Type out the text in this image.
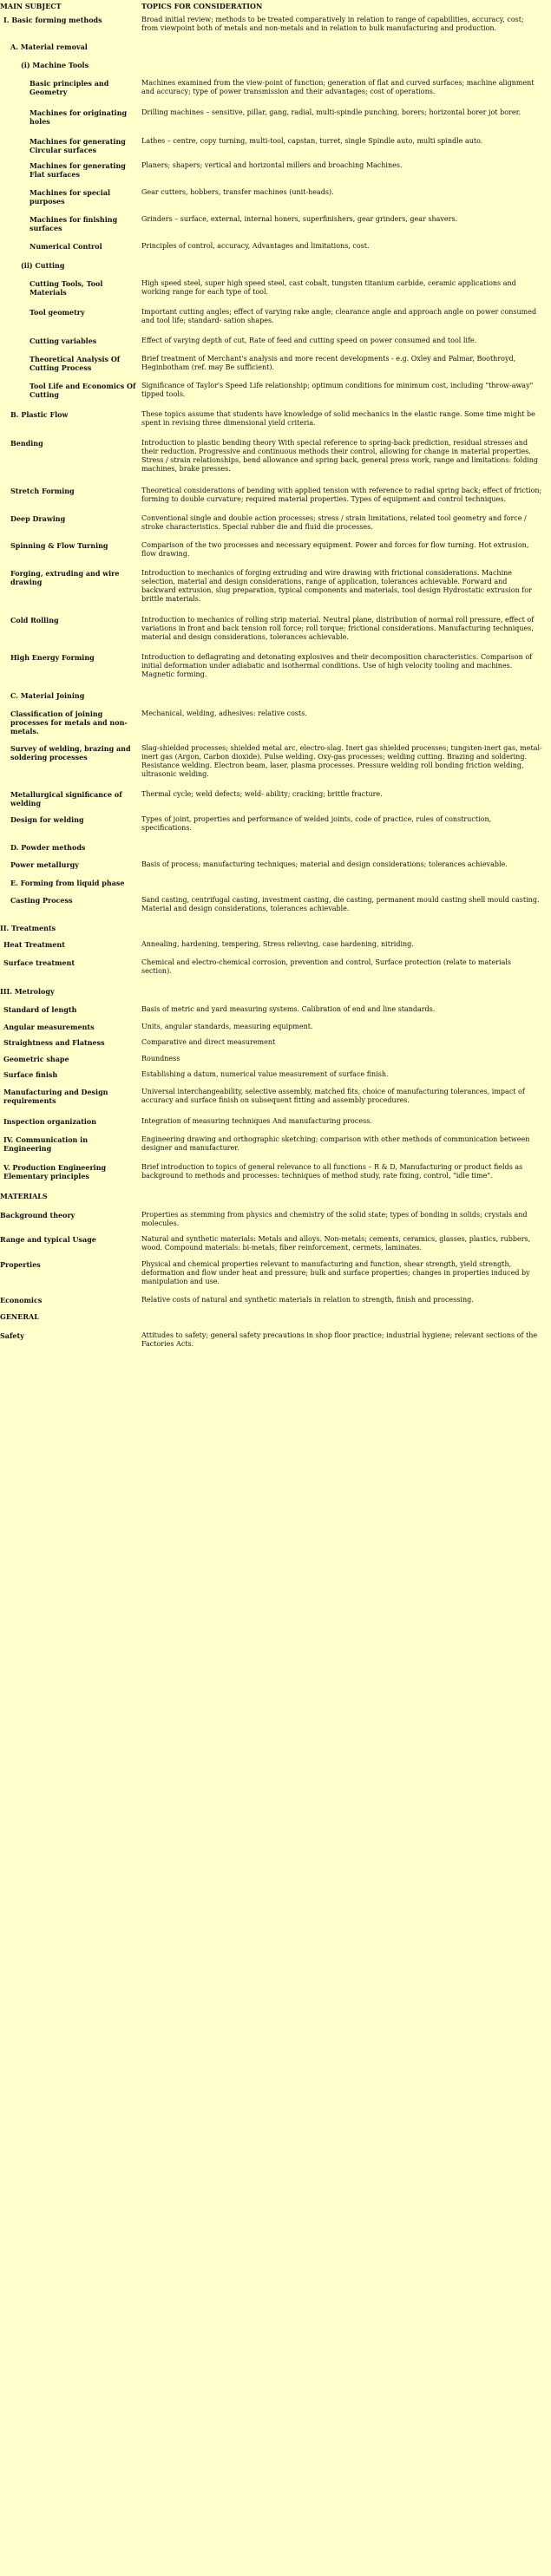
MAIN SUBJECT	TOPICS FOR CONSIDERATION
I. Basic forming methods	Broad initial review; methods to be treated comparatively in relation to range of capabilities, accuracy, cost; from viewpoint both of metals and non-metals and in relation to bulk manufacturing and production.
A. Material removal	
(i) Machine Tools	
Basic principles and Geometry	Machines examined from the view-point of function; generation of flat and curved surfaces; machine alignment and accuracy; type of power transmission and their advantages; cost of operations.
Machines for originating holes	Drilling machines – sensitive, pillar, gang, radial, multi-spindle punching, borers; horizontal borer jot borer.
Machines for generating Circular surfaces	Lathes – centre, copy turning, multi-tool, capstan, turret, single Spindle auto, multi spindle auto.
Machines for generating Flat surfaces	Planers; shapers; vertical and horizontal millers and broaching Machines.
Machines for special purposes	Gear cutters, hobbers, transfer machines (unit-heads).
Machines for finishing surfaces	Grinders – surface, external, internal honers, superfinishers, gear grinders, gear shavers.
Numerical Control	Principles of control, accuracy, Advantages and limitations, cost.
(ii) Cutting	
Cutting Tools, Tool Materials	High speed steel, super high speed steel, cast cobalt, tungsten titanium carbide, ceramic applications and working range for each type of tool.
Tool geometry	Important cutting angles; effect of varying rake angle; clearance angle and approach angle on power consumed and tool life; standard- sation shapes.
Cutting variables	Effect of varying depth of cut, Rate of feed and cutting speed on power consumed and tool life.
Theoretical Analysis Of Cutting Process	Brief treatment of Merchant's analysis and more recent developments - e.g. Oxley and Palmar, Boothroyd, Heginbotham (ref. may Be sufficient).
Tool Life and Economics Of Cutting	Significance of Taylor's Speed Life relationship; optimum conditions for minimum cost, including "throw-away" tipped tools.
B. Plastic Flow	These topics assume that students have knowledge of solid mechanics in the elastic range. Some time might be spent in revising three dimensional yield criteria.
Bending	Introduction to plastic bending theory With special reference to spring-back prediction, residual stresses and their reduction. Progressive and continuous methods their control, allowing for change in material properties. Stress / strain relationships, bend allowance and spring back, general press work, range and limitations: folding machines, brake presses.
Stretch Forming	Theoretical considerations of bending with applied tension with reference to radial spring back; effect of friction; forming to double curvature; required material properties. Types of equipment and control techniques.
Deep Drawing	Conventional single and double action processes; stress / strain limitations, related tool geometry and force / stroke characteristics. Special rubber die and fluid die processes.
Spinning & Flow Turning	Comparison of the two processes and necessary equipment. Power and forces for flow turning. Hot extrusion, flow drawing.
Forging, extruding and wire drawing	Introduction to mechanics of forging extruding and wire drawing with frictional considerations. Machine selection, material and design considerations, range of application, tolerances achievable. Forward and backward extrusion, slug preparation, typical components and materials, tool design Hydrostatic extrusion for brittle materials.
Cold Rolling	Introduction to mechanics of rolling strip material. Neutral plane, distribution of normal roll pressure, effect of variations in front and back tension roll force; roll torque; frictional considerations. Manufacturing techniques, material and design considerations, tolerances achievable.
High Energy Forming	Introduction to deflagrating and detonating explosives and their decomposition characteristics. Comparison of initial deformation under adiabatic and isothermal conditions. Use of high velocity tooling and machines. Magnetic forming.
C. Material Joining	
Classification of joining processes for metals and non-metals.	Mechanical, welding, adhesives: relative costs.
Survey of welding, brazing and soldering processes	Slag-shielded processes; shielded metal arc, electro-slag. Inert gas shielded processes; tungsten-inert gas, metal-inert gas (Argon, Carbon dioxide). Pulse welding. Oxy-gas processes; welding cutting. Brazing and soldering. Resistance welding. Electron beam, laser, plasma processes. Pressure welding roll bonding friction welding, ultrasonic welding.
Metallurgical significance of welding	Thermal cycle; weld defects; weld- ability; cracking; brittle fracture.
Design for welding	Types of joint, properties and performance of welded joints, code of practice, rules of construction, specifications.
D. Powder methods	
Power metallurgy	Basis of process; manufacturing techniques; material and design considerations; tolerances achievable.
E. Forming from liquid phase	
Casting Process	Sand casting, centrifugal casting, investment casting, die casting, permanent mould casting shell mould casting. Material and design considerations, tolerances achievable.
II. Treatments	
Heat Treatment	Annealing, hardening, tempering, Stress relieving, case hardening, nitriding.
Surface treatment	Chemical and electro-chemical corrosion, prevention and control, Surface protection (relate to materials section).
III. Metrology	
Standard of length	Basis of metric and yard measuring systems. Calibration of end and line standards.
Angular measurements	Units, angular standards, measuring equipment.
Straightness and Flatness	Comparative and direct measurement
Geometric shape	Roundness
Surface finish	Establishing a datum, numerical value measurement of surface finish.
Manufacturing and Design requirements	Universal interchangeability, selective assembly, matched fits, choice of manufacturing tolerances, impact of accuracy and surface finish on subsequent fitting and assembly procedures.
Inspection organization	Integration of measuring techniques And manufacturing process.
IV. Communication in Engineering	Engineering drawing and orthographic sketching; comparison with other methods of communication between designer and manufacturer.
V. Production Engineering Elementary principles	Brief introduction to topics of general relevance to all functions – R & D, Manufacturing or product fields as background to methods and processes: techniques of method study, rate fixing, control, "idle time".
MATERIALS	
Background theory	Properties as stemming from physics and chemistry of the solid state; types of bonding in solids; crystals and molecules.
Range and typical Usage	Natural and synthetic materials: Metals and alloys. Non-metals; cements, ceramics, glasses, plastics, rubbers, wood. Compound materials: bi-metals, fiber reinforcement, cermets, laminates.
Properties	Physical and chemical properties relevant to manufacturing and function, shear strength, yield strength, deformation and flow under heat and pressure; bulk and surface properties; changes in properties induced by manipulation and use.
Economics	Relative costs of natural and synthetic materials in relation to strength, finish and processing.
GENERAL	
Safety	Attitudes to safety; general safety precautions in shop floor practice; industrial hygiene; relevant sections of the Factories Acts.
